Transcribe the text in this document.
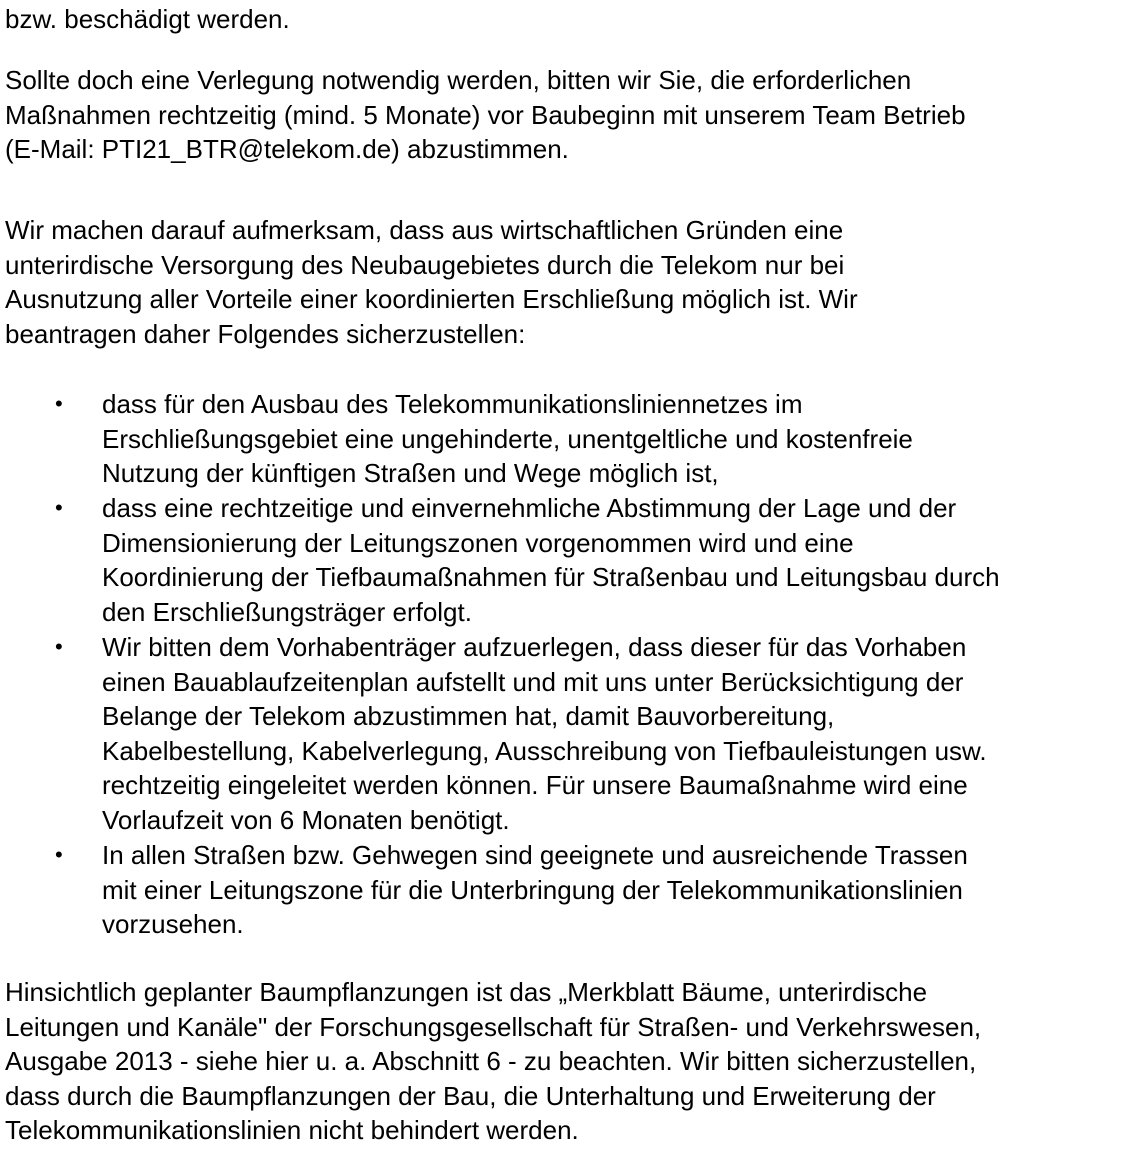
bzw. beschädigt werden.

Sollte doch eine Verlegung notwendig werden, bitten wir Sie, die erforderlichen
Maßnahmen rechtzeitig (mind. 5 Monate) vor Baubeginn mit unserem Team Betrieb
(E-Mail: PTI21_BTR@telekom.de) abzustimmen.

Wir machen darauf aufmerksam, dass aus wirtschaftlichen Gründen eine
unterirdische Versorgung des Neubaugebietes durch die Telekom nur bei
Ausnutzung aller Vorteile einer koordinierten Erschließung möglich ist. Wir
beantragen daher Folgendes sicherzustellen:

•	dass für den Ausbau des Telekommunikationsliniennetzes im
Erschließungsgebiet eine ungehinderte, unentgeltliche und kostenfreie
Nutzung der künftigen Straßen und Wege möglich ist,
•	dass eine rechtzeitige und einvernehmliche Abstimmung der Lage und der
Dimensionierung der Leitungszonen vorgenommen wird und eine
Koordinierung der Tiefbaumaßnahmen für Straßenbau und Leitungsbau durch
den Erschließungsträger erfolgt.
•	Wir bitten dem Vorhabenträger aufzuerlegen, dass dieser für das Vorhaben
einen Bauablaufzeitenplan aufstellt und mit uns unter Berücksichtigung der
Belange der Telekom abzustimmen hat, damit Bauvorbereitung,
Kabelbestellung, Kabelverlegung, Ausschreibung von Tiefbauleistungen usw.
rechtzeitig eingeleitet werden können. Für unsere Baumaßnahme wird eine
Vorlaufzeit von 6 Monaten benötigt.
•	In allen Straßen bzw. Gehwegen sind geeignete und ausreichende Trassen
mit einer Leitungszone für die Unterbringung der Telekommunikationslinien
vorzusehen.

Hinsichtlich geplanter Baumpflanzungen ist das „Merkblatt Bäume, unterirdische
Leitungen und Kanäle" der Forschungsgesellschaft für Straßen- und Verkehrswesen,
Ausgabe 2013 - siehe hier u. a. Abschnitt 6 - zu beachten. Wir bitten sicherzustellen,
dass durch die Baumpflanzungen der Bau, die Unterhaltung und Erweiterung der
Telekommunikationslinien nicht behindert werden.
